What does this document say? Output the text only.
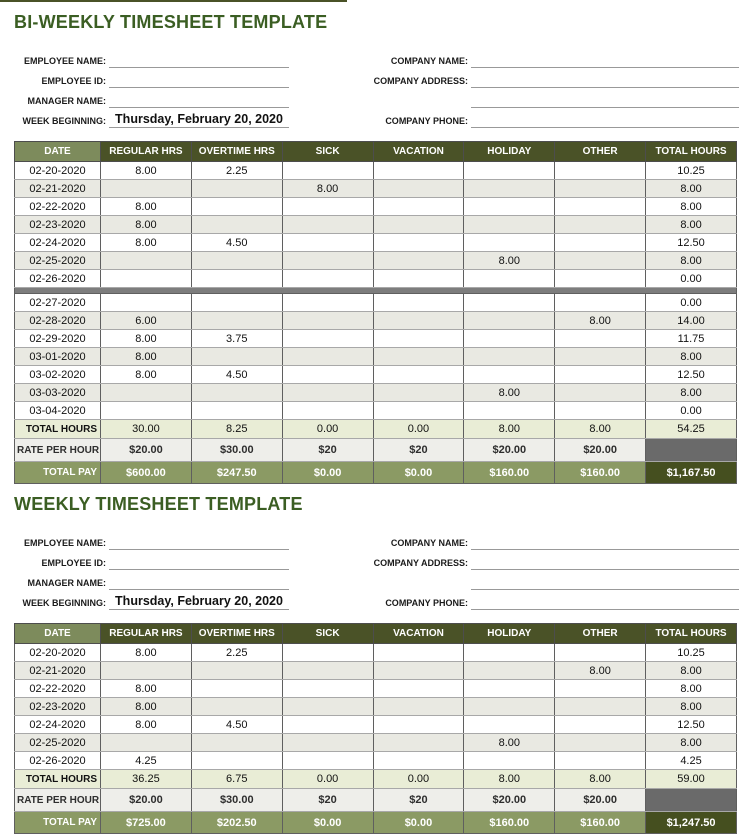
BI-WEEKLY TIMESHEET TEMPLATE
EMPLOYEE NAME:
EMPLOYEE ID:
MANAGER NAME:
WEEK BEGINNING: Thursday, February 20, 2020
COMPANY NAME:
COMPANY ADDRESS:
COMPANY PHONE:
DATE	REGULAR HRS	OVERTIME HRS	SICK	VACATION	HOLIDAY	OTHER	TOTAL HOURS
02-20-2020	8.00	2.25					10.25
02-21-2020			8.00				8.00
02-22-2020	8.00						8.00
02-23-2020	8.00						8.00
02-24-2020	8.00	4.50					12.50
02-25-2020					8.00		8.00
02-26-2020							0.00

02-27-2020							0.00
02-28-2020	6.00					8.00	14.00
02-29-2020	8.00	3.75					11.75
03-01-2020	8.00						8.00
03-02-2020	8.00	4.50					12.50
03-03-2020					8.00		8.00
03-04-2020							0.00
TOTAL HOURS	30.00	8.25	0.00	0.00	8.00	8.00	54.25
RATE PER HOUR	$20.00	$30.00	$20	$20	$20.00	$20.00	
TOTAL PAY	$600.00	$247.50	$0.00	$0.00	$160.00	$160.00	$1,167.50
WEEKLY TIMESHEET TEMPLATE
EMPLOYEE NAME:
EMPLOYEE ID:
MANAGER NAME:
WEEK BEGINNING: Thursday, February 20, 2020
COMPANY NAME:
COMPANY ADDRESS:
COMPANY PHONE:
DATE	REGULAR HRS	OVERTIME HRS	SICK	VACATION	HOLIDAY	OTHER	TOTAL HOURS
02-20-2020	8.00	2.25					10.25
02-21-2020						8.00	8.00
02-22-2020	8.00						8.00
02-23-2020	8.00						8.00
02-24-2020	8.00	4.50					12.50
02-25-2020					8.00		8.00
02-26-2020	4.25						4.25
TOTAL HOURS	36.25	6.75	0.00	0.00	8.00	8.00	59.00
RATE PER HOUR	$20.00	$30.00	$20	$20	$20.00	$20.00	
TOTAL PAY	$725.00	$202.50	$0.00	$0.00	$160.00	$160.00	$1,247.50
